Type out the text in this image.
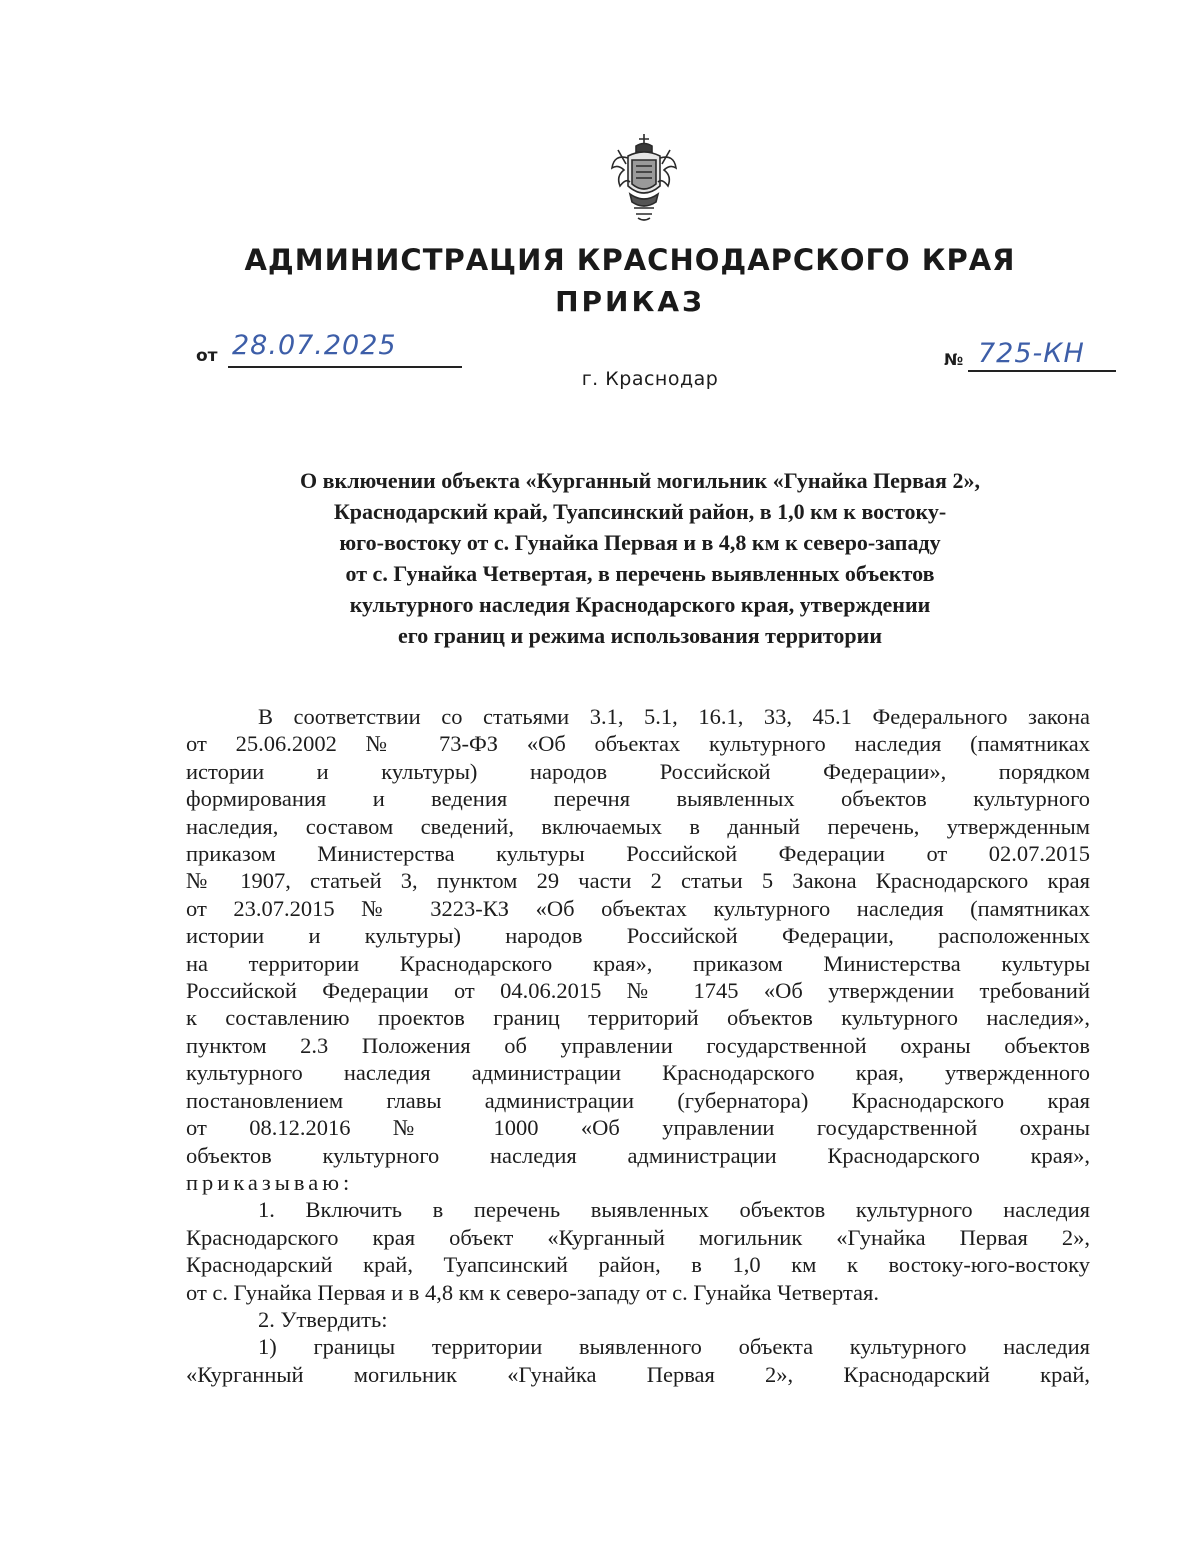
АДМИНИСТРАЦИЯ КРАСНОДАРСКОГО КРАЯ
ПРИКАЗ
от 28.07.2025	№ 725-КН
г. Краснодар
О включении объекта «Курганный могильник «Гунайка Первая 2»,
Краснодарский край, Туапсинский район, в 1,0 км к востоку-
юго-востоку от с. Гунайка Первая и в 4,8 км к северо-западу
от с. Гунайка Четвертая, в перечень выявленных объектов
культурного наследия Краснодарского края, утверждении
его границ и режима использования территории
В соответствии со статьями 3.1, 5.1, 16.1, 33, 45.1 Федерального закона
от 25.06.2002 № 73-ФЗ «Об объектах культурного наследия (памятниках
истории и культуры) народов Российской Федерации», порядком
формирования и ведения перечня выявленных объектов культурного
наследия, составом сведений, включаемых в данный перечень, утвержденным
приказом Министерства культуры Российской Федерации от 02.07.2015
№ 1907, статьей 3, пунктом 29 части 2 статьи 5 Закона Краснодарского края
от 23.07.2015 № 3223-КЗ «Об объектах культурного наследия (памятниках
истории и культуры) народов Российской Федерации, расположенных
на территории Краснодарского края», приказом Министерства культуры
Российской Федерации от 04.06.2015 № 1745 «Об утверждении требований
к составлению проектов границ территорий объектов культурного наследия»,
пунктом 2.3 Положения об управлении государственной охраны объектов
культурного наследия администрации Краснодарского края, утвержденного
постановлением главы администрации (губернатора) Краснодарского края
от 08.12.2016 № 1000 «Об управлении государственной охраны
объектов культурного наследия администрации Краснодарского края»,
приказываю:
1. Включить в перечень выявленных объектов культурного наследия
Краснодарского края объект «Курганный могильник «Гунайка Первая 2»,
Краснодарский край, Туапсинский район, в 1,0 км к востоку-юго-востоку
от с. Гунайка Первая и в 4,8 км к северо-западу от с. Гунайка Четвертая.
2. Утвердить:
1) границы территории выявленного объекта культурного наследия
«Курганный могильник «Гунайка Первая 2», Краснодарский край,
